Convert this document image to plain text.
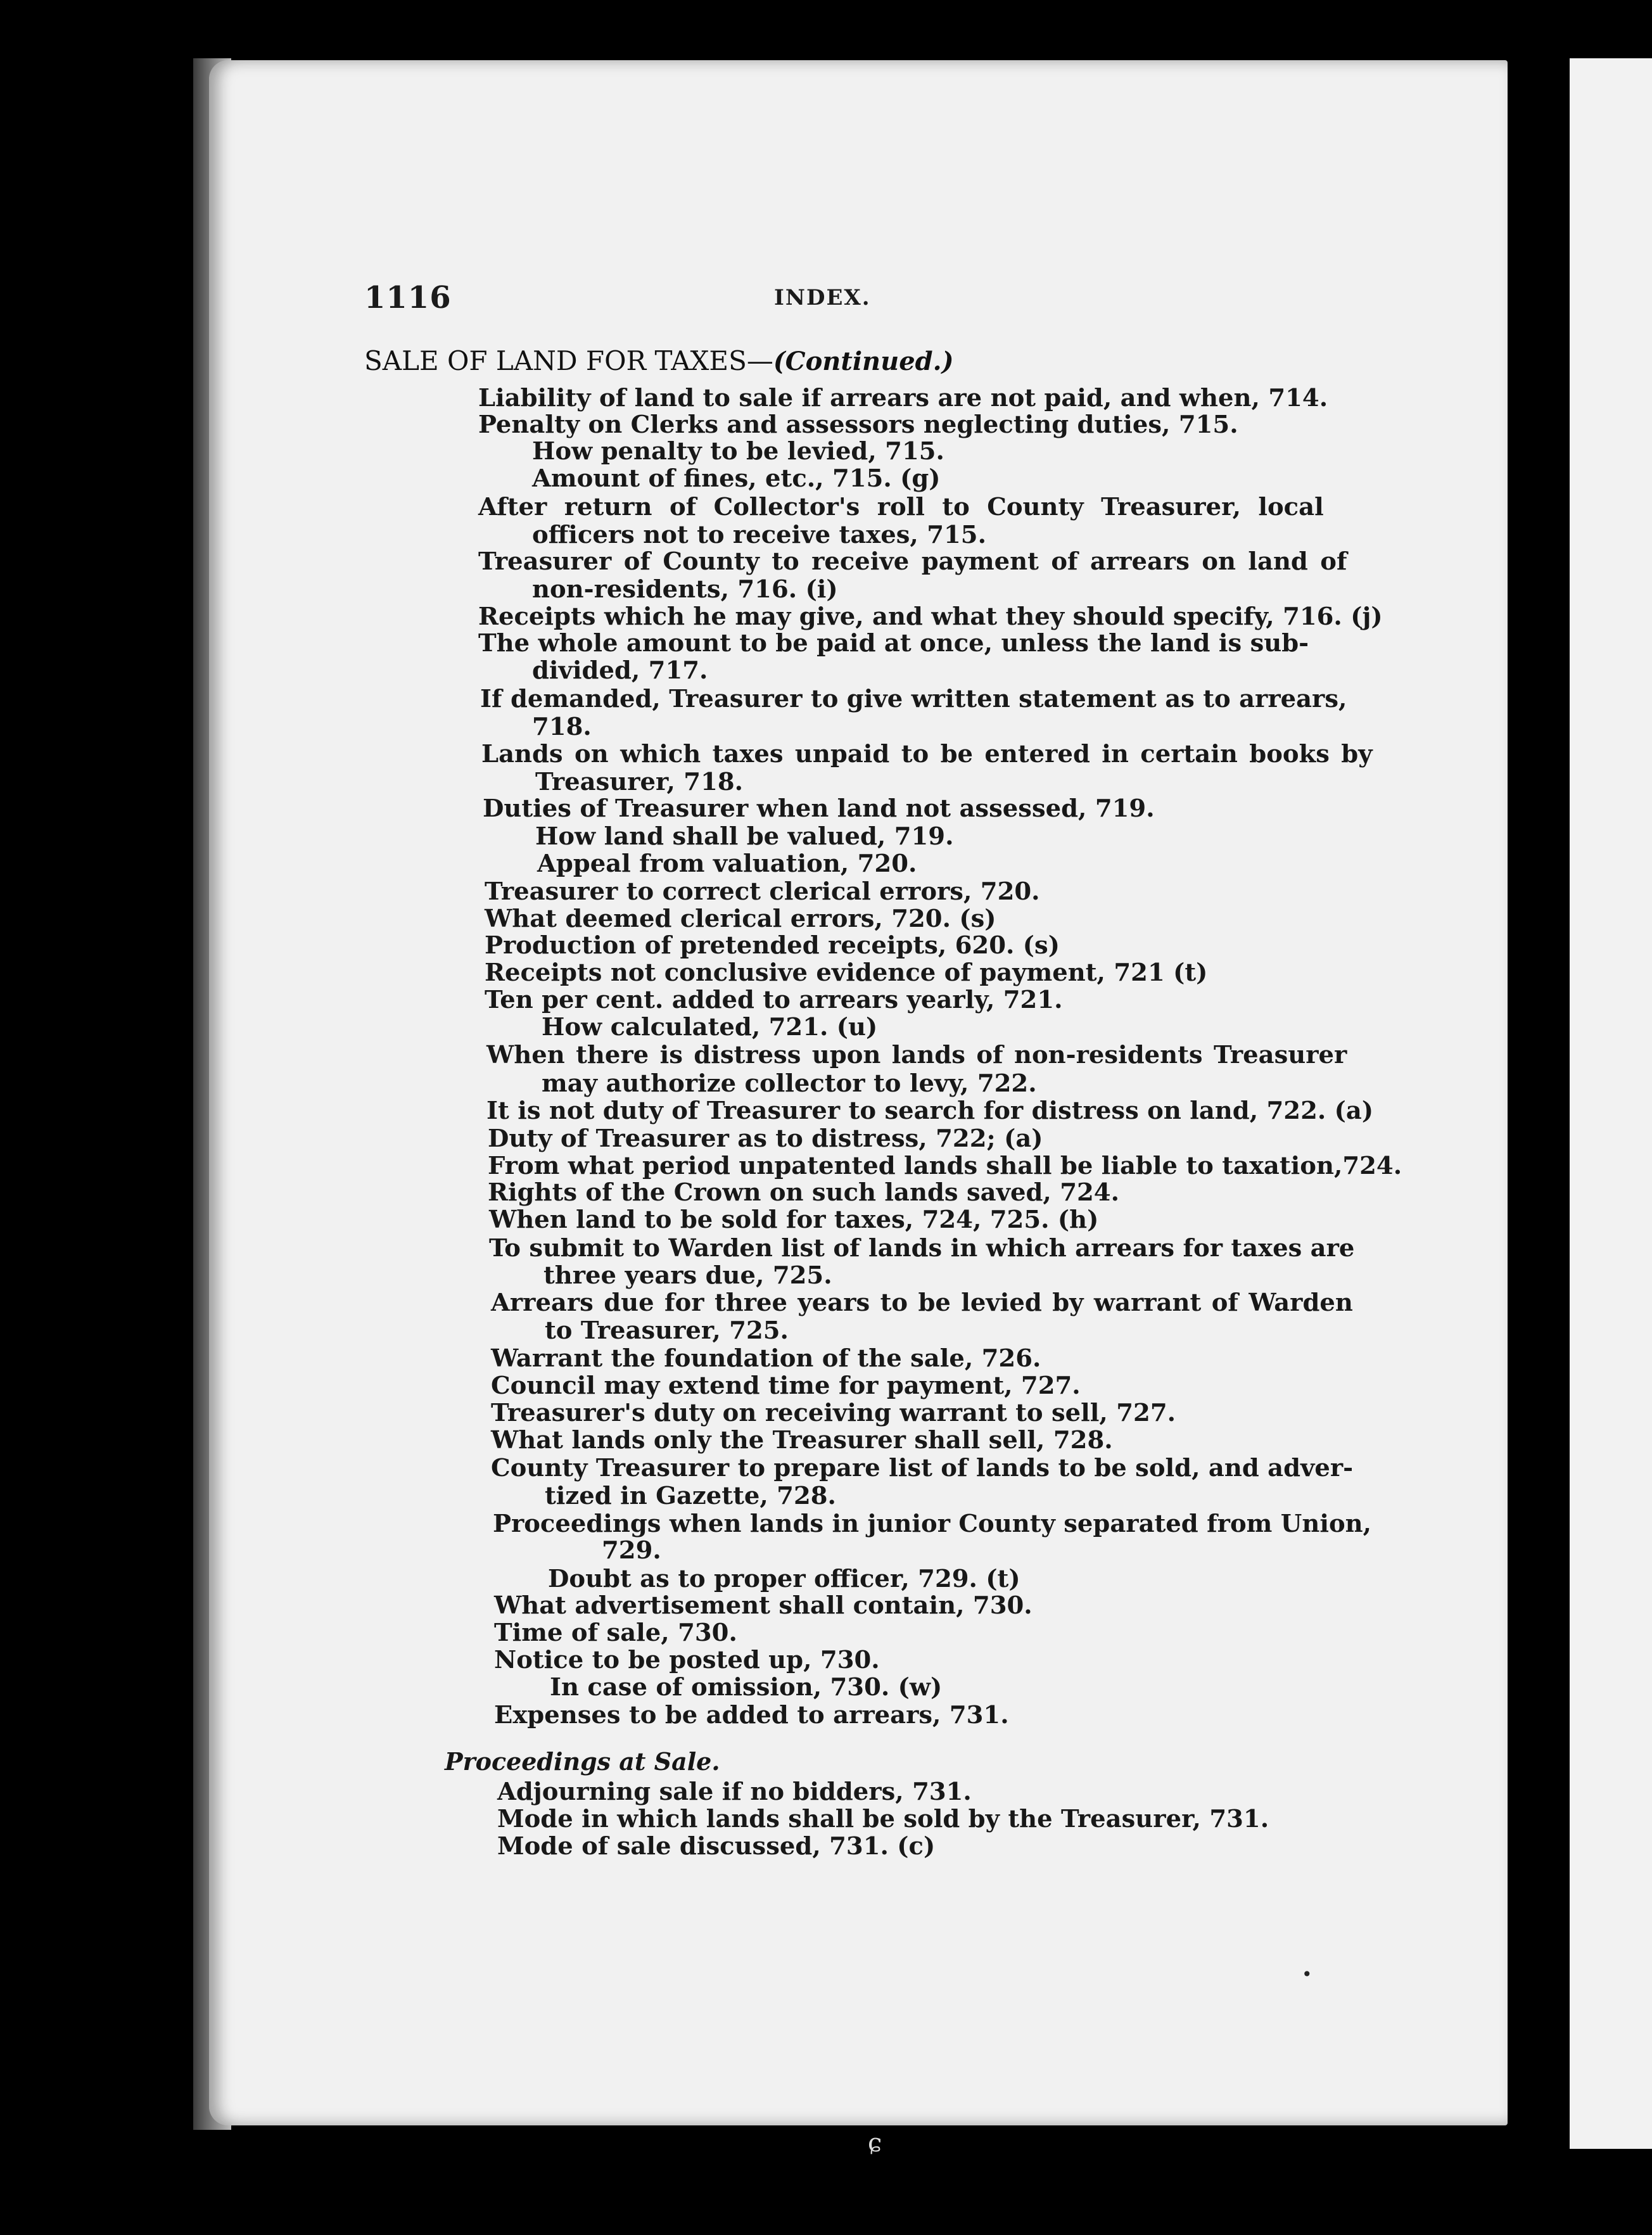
1116	INDEX.
SALE OF LAND FOR TAXES—(Continued.)
Liability of land to sale if arrears are not paid, and when, 714.
Penalty on Clerks and assessors neglecting duties, 715.
How penalty to be levied, 715.
Amount of fines, etc., 715. (g)
After return of Collector's roll to County Treasurer, local
officers not to receive taxes, 715.
Treasurer of County to receive payment of arrears on land of
non-residents, 716. (i)
Receipts which he may give, and what they should specify, 716. (j)
The whole amount to be paid at once, unless the land is sub-
divided, 717.
If demanded, Treasurer to give written statement as to arrears,
718.
Lands on which taxes unpaid to be entered in certain books by
Treasurer, 718.
Duties of Treasurer when land not assessed, 719.
How land shall be valued, 719.
Appeal from valuation, 720.
Treasurer to correct clerical errors, 720.
What deemed clerical errors, 720. (s)
Production of pretended receipts, 620. (s)
Receipts not conclusive evidence of payment, 721 (t)
Ten per cent. added to arrears yearly, 721.
How calculated, 721. (u)
When there is distress upon lands of non-residents Treasurer
may authorize collector to levy, 722.
It is not duty of Treasurer to search for distress on land, 722. (a)
Duty of Treasurer as to distress, 722; (a)
From what period unpatented lands shall be liable to taxation,724.
Rights of the Crown on such lands saved, 724.
When land to be sold for taxes, 724, 725. (h)
To submit to Warden list of lands in which arrears for taxes are
three years due, 725.
Arrears due for three years to be levied by warrant of Warden
to Treasurer, 725.
Warrant the foundation of the sale, 726.
Council may extend time for payment, 727.
Treasurer's duty on receiving warrant to sell, 727.
What lands only the Treasurer shall sell, 728.
County Treasurer to prepare list of lands to be sold, and adver-
tized in Gazette, 728.
Proceedings when lands in junior County separated from Union,
729.
Doubt as to proper officer, 729. (t)
What advertisement shall contain, 730.
Time of sale, 730.
Notice to be posted up, 730.
In case of omission, 730. (w)
Expenses to be added to arrears, 731.
Proceedings at Sale.
Adjourning sale if no bidders, 731.
Mode in which lands shall be sold by the Treasurer, 731.
Mode of sale discussed, 731. (c)
•
ɕ
